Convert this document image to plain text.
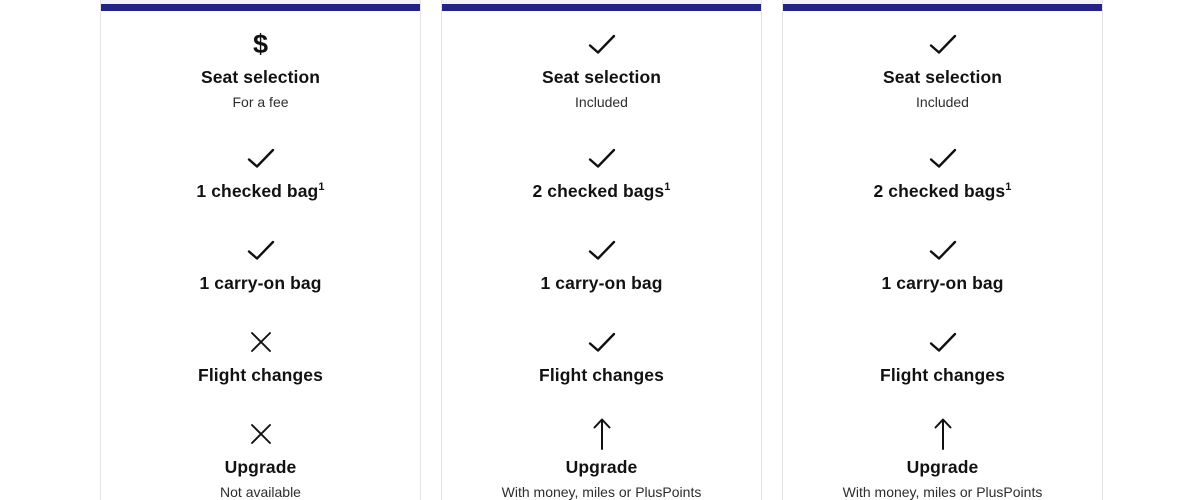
$
Seat selection
For a fee
1 checked bag$^1$
1 carry-on bag
Flight changes
Upgrade
Not available
Seat selection
Included
2 checked bags$^1$
1 carry-on bag
Flight changes
Upgrade
With money, miles or PlusPoints
Seat selection
Included
2 checked bags$^1$
1 carry-on bag
Flight changes
Upgrade
With money, miles or PlusPoints
